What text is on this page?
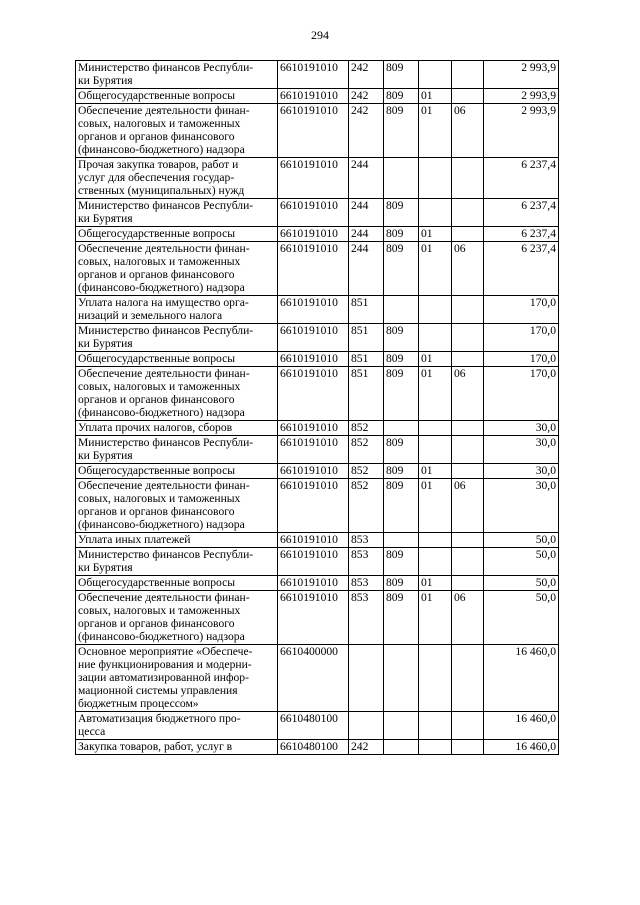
294
Министерство финансов Республи-
ки Бурятия	6610191010	242	809			2 993,9
Общегосударственные вопросы	6610191010	242	809	01		2 993,9
Обеспечение деятельности финан-
совых, налоговых и таможенных
органов и органов финансового
(финансово-бюджетного) надзора	6610191010	242	809	01	06	2 993,9
Прочая закупка товаров, работ и
услуг для обеспечения государ-
ственных (муниципальных) нужд	6610191010	244				6 237,4
Министерство финансов Республи-
ки Бурятия	6610191010	244	809			6 237,4
Общегосударственные вопросы	6610191010	244	809	01		6 237,4
Обеспечение деятельности финан-
совых, налоговых и таможенных
органов и органов финансового
(финансово-бюджетного) надзора	6610191010	244	809	01	06	6 237,4
Уплата налога на имущество орга-
низаций и земельного налога	6610191010	851				170,0
Министерство финансов Республи-
ки Бурятия	6610191010	851	809			170,0
Общегосударственные вопросы	6610191010	851	809	01		170,0
Обеспечение деятельности финан-
совых, налоговых и таможенных
органов и органов финансового
(финансово-бюджетного) надзора	6610191010	851	809	01	06	170,0
Уплата прочих налогов, сборов	6610191010	852				30,0
Министерство финансов Республи-
ки Бурятия	6610191010	852	809			30,0
Общегосударственные вопросы	6610191010	852	809	01		30,0
Обеспечение деятельности финан-
совых, налоговых и таможенных
органов и органов финансового
(финансово-бюджетного) надзора	6610191010	852	809	01	06	30,0
Уплата иных платежей	6610191010	853				50,0
Министерство финансов Республи-
ки Бурятия	6610191010	853	809			50,0
Общегосударственные вопросы	6610191010	853	809	01		50,0
Обеспечение деятельности финан-
совых, налоговых и таможенных
органов и органов финансового
(финансово-бюджетного) надзора	6610191010	853	809	01	06	50,0
Основное мероприятие «Обеспече-
ние функционирования и модерни-
зации автоматизированной инфор-
мационной системы управления
бюджетным процессом»	6610400000					16 460,0
Автоматизация бюджетного про-
цесса	6610480100					16 460,0
Закупка товаров, работ, услуг в	6610480100	242				16 460,0
